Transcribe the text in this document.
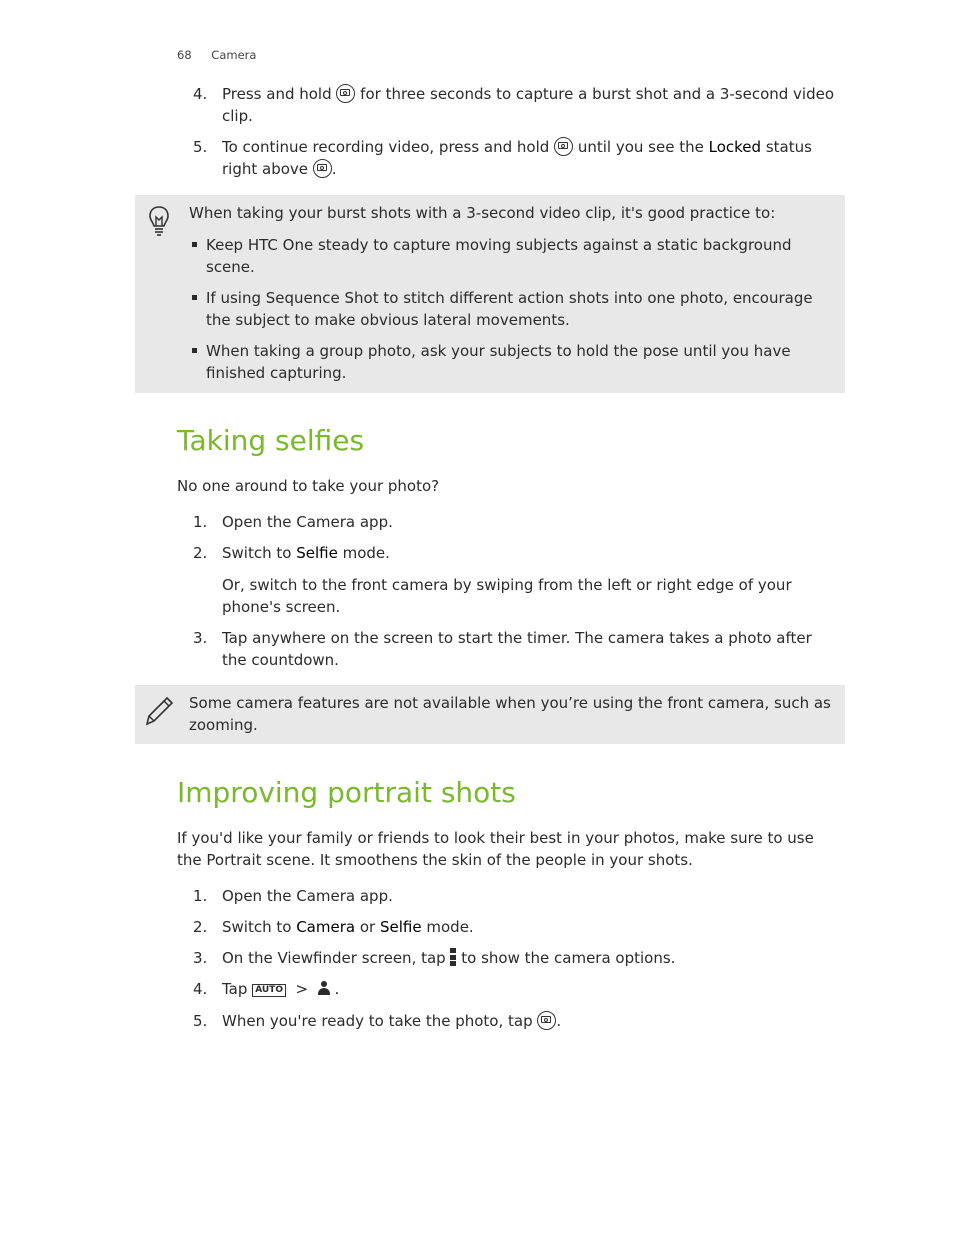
68 Camera
4. Press and hold for three seconds to capture a burst shot and a 3-second video clip.
5. To continue recording video, press and hold until you see the Locked status right above .
When taking your burst shots with a 3-second video clip, it's good practice to:
Keep HTC One steady to capture moving subjects against a static background scene.
If using Sequence Shot to stitch different action shots into one photo, encourage the subject to make obvious lateral movements.
When taking a group photo, ask your subjects to hold the pose until you have finished capturing.
Taking selfies
No one around to take your photo?
1. Open the Camera app.
2. Switch to Selfie mode.
Or, switch to the front camera by swiping from the left or right edge of your phone's screen.
3. Tap anywhere on the screen to start the timer. The camera takes a photo after the countdown.
Some camera features are not available when you’re using the front camera, such as zooming.
Improving portrait shots
If you'd like your family or friends to look their best in your photos, make sure to use the Portrait scene. It smoothens the skin of the people in your shots.
1. Open the Camera app.
2. Switch to Camera or Selfie mode.
3. On the Viewfinder screen, tap to show the camera options.
4. Tap AUTO > .
5. When you're ready to take the photo, tap .
